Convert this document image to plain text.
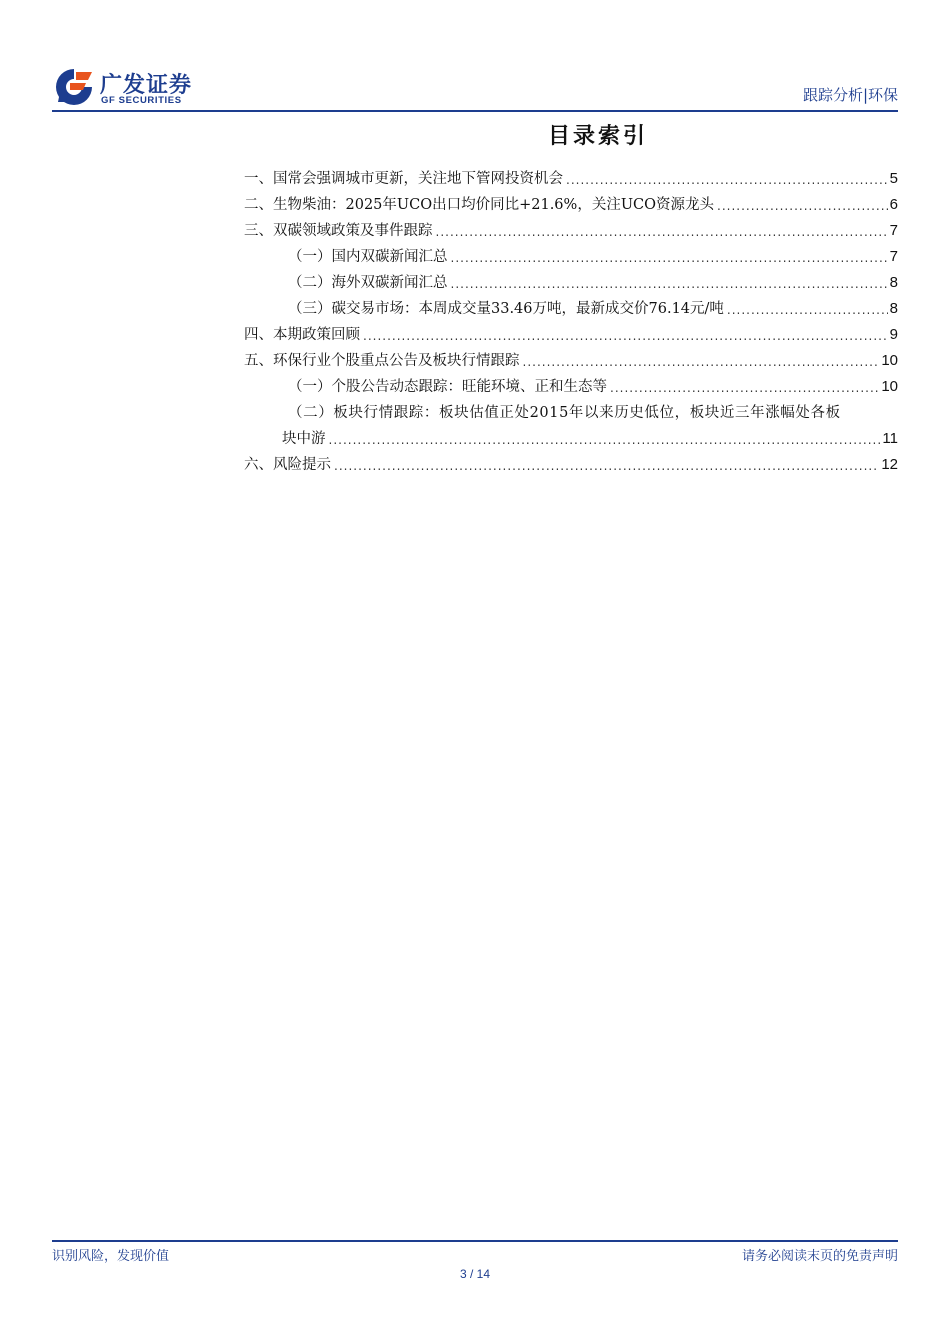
广发证券
GF SECURITIES	跟踪分析|环保
目录索引
一、国常会强调城市更新，关注地下管网投资机会 .....	5
二、生物柴油：2025年UCO出口均价同比+21.6%，关注UCO资源龙头 .....	6
三、双碳领域政策及事件跟踪 .....	7
（一）国内双碳新闻汇总 .....	7
（二）海外双碳新闻汇总 .....	8
（三）碳交易市场：本周成交量33.46万吨，最新成交价76.14元/吨 .....	8
四、本期政策回顾 .....	9
五、环保行业个股重点公告及板块行情跟踪 .....	10
（一）个股公告动态跟踪：旺能环境、正和生态等 .....	10
（二）板块行情跟踪：板块估值正处2015年以来历史低位，板块近三年涨幅处各板
块中游 .....	11
六、风险提示 .....	12
识别风险，发现价值	请务必阅读末页的免责声明
3 / 14
